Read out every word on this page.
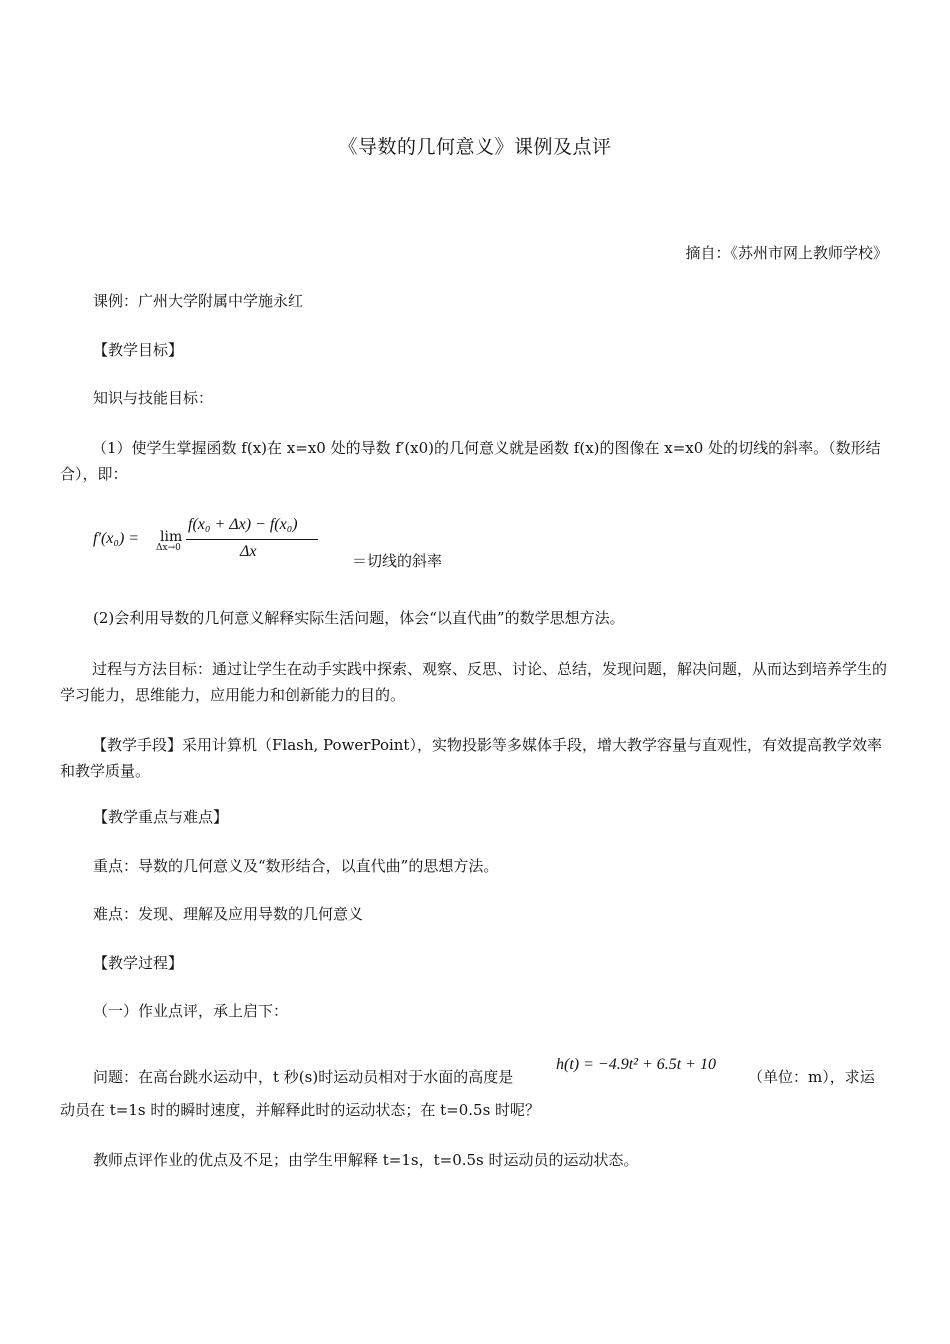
《导数的几何意义》课例及点评
摘自：《苏州市网上教师学校》
课例：广州大学附属中学施永红
【教学目标】
知识与技能目标：
（1）使学生掌握函数 f(x)在 x=x0 处的导数 f′(x0)的几何意义就是函数 f(x)的图像在 x=x0 处的切线的斜率。（数形结合），即：
f′(x₀) = lim
Δx→0
f(x₀ + Δx) − f(x₀)
Δx
＝切线的斜率
(2)会利用导数的几何意义解释实际生活问题，体会“以直代曲”的数学思想方法。
过程与方法目标：通过让学生在动手实践中探索、观察、反思、讨论、总结，发现问题，解决问题，从而达到培养学生的学习能力，思维能力，应用能力和创新能力的目的。
【教学手段】采用计算机（Flash, PowerPoint），实物投影等多媒体手段，增大教学容量与直观性，有效提高教学效率和教学质量。
【教学重点与难点】
重点：导数的几何意义及“数形结合，以直代曲”的思想方法。
难点：发现、理解及应用导数的几何意义
【教学过程】
（一）作业点评，承上启下：
问题：在高台跳水运动中，t 秒(s)时运动员相对于水面的高度是
h(t) = −4.9t² + 6.5t + 10
（单位：m），求运
动员在 t=1s 时的瞬时速度，并解释此时的运动状态；在 t=0.5s 时呢？
教师点评作业的优点及不足；由学生甲解释 t=1s，t=0.5s 时运动员的运动状态。
